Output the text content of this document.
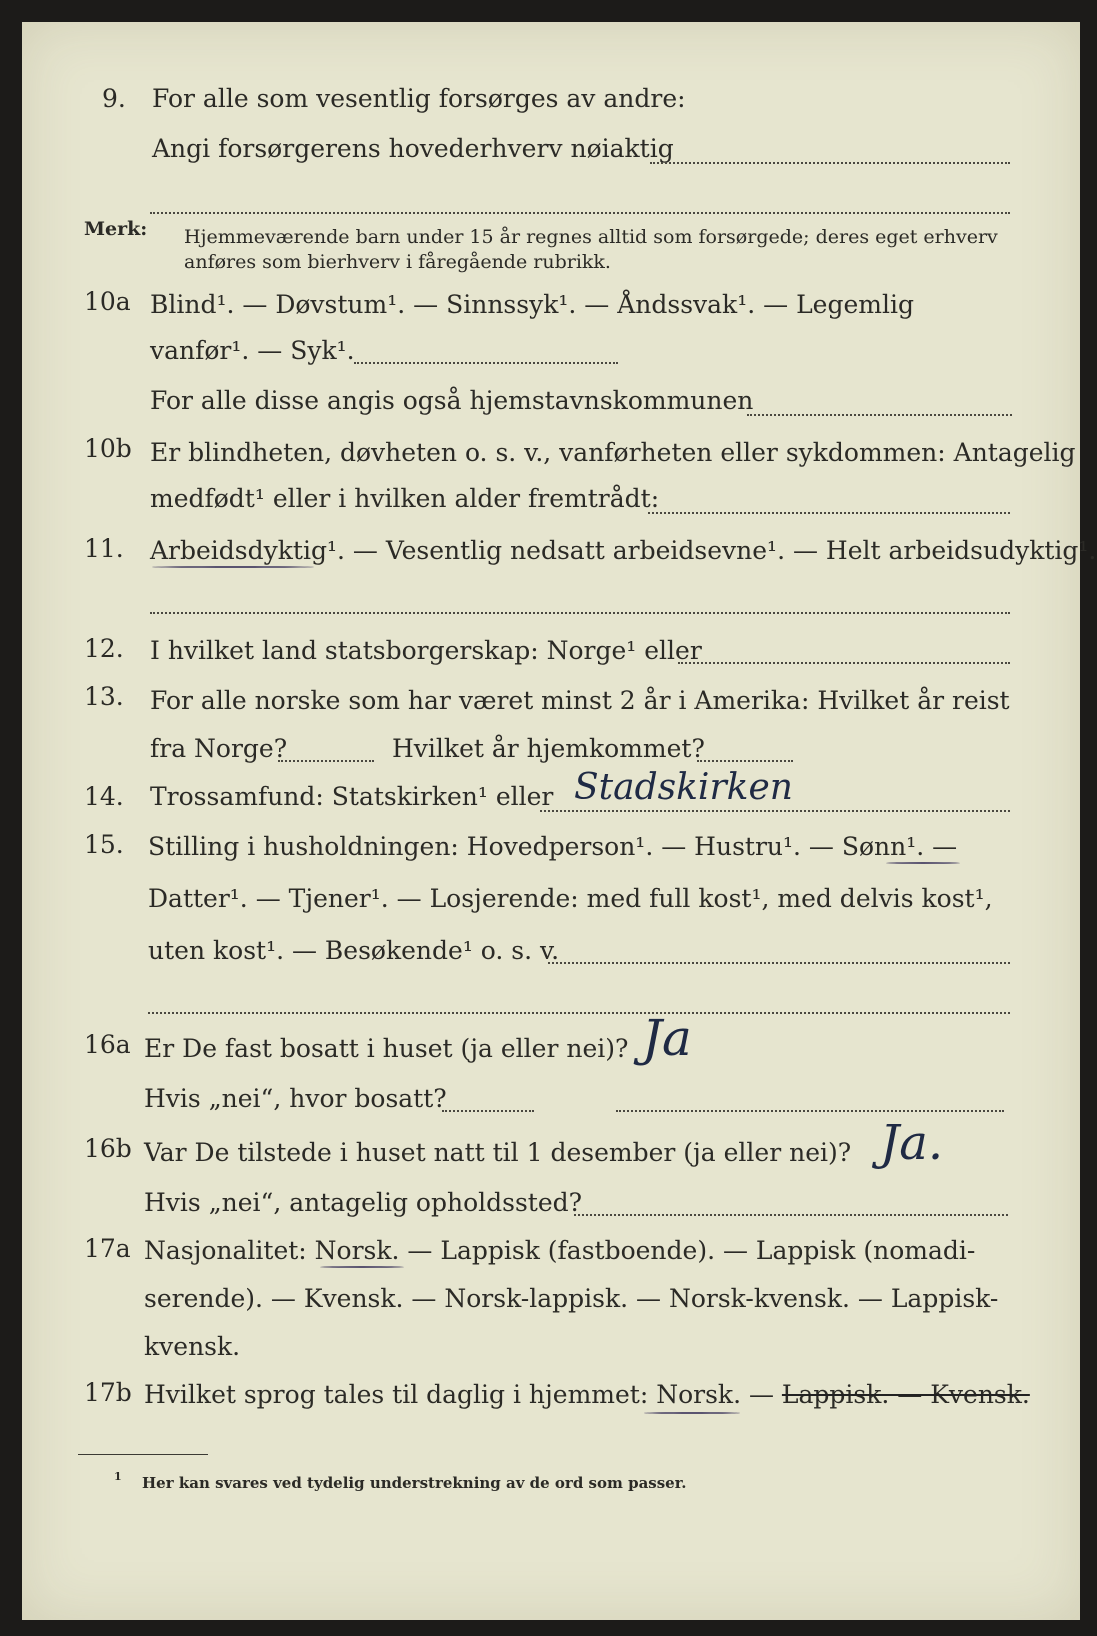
9. For alle som vesentlig forsørges av andre:
Angi forsørgerens hovederhverv nøiaktig
Merk: Hjemmeværende barn under 15 år regnes alltid som forsørgede; deres eget erhverv
anføres som bierhverv i fåregående rubrikk.
10a Blind¹. — Døvstum¹. — Sinnssyk¹. — Åndssvak¹. — Legemlig
vanfør¹. — Syk¹.
For alle disse angis også hjemstavnskommunen
10b Er blindheten, døvheten o. s. v., vanførheten eller sykdommen: Antagelig
medfødt¹ eller i hvilken alder fremtrådt:
11. Arbeidsdyktig¹. — Vesentlig nedsatt arbeidsevne¹. — Helt arbeidsudyktig¹.
12. I hvilket land statsborgerskap: Norge¹ eller
13. For alle norske som har været minst 2 år i Amerika: Hvilket år reist
fra Norge?	Hvilket år hjemkommet?
14. Trossamfund: Statskirken¹ eller Stadskirken
15. Stilling i husholdningen: Hovedperson¹. — Hustru¹. — Sønn¹. —
Datter¹. — Tjener¹. — Losjerende: med full kost¹, med delvis kost¹,
uten kost¹. — Besøkende¹ o. s. v.
16a Er De fast bosatt i huset (ja eller nei)? Ja
Hvis „nei“, hvor bosatt?
16b Var De tilstede i huset natt til 1 desember (ja eller nei)? Ja.
Hvis „nei“, antagelig opholdssted?
17a Nasjonalitet: Norsk. — Lappisk (fastboende). — Lappisk (nomadi-
serende). — Kvensk. — Norsk-lappisk. — Norsk-kvensk. — Lappisk-
kvensk.
17b Hvilket sprog tales til daglig i hjemmet: Norsk. — Lappisk. — Kvensk.
1 Her kan svares ved tydelig understrekning av de ord som passer.
